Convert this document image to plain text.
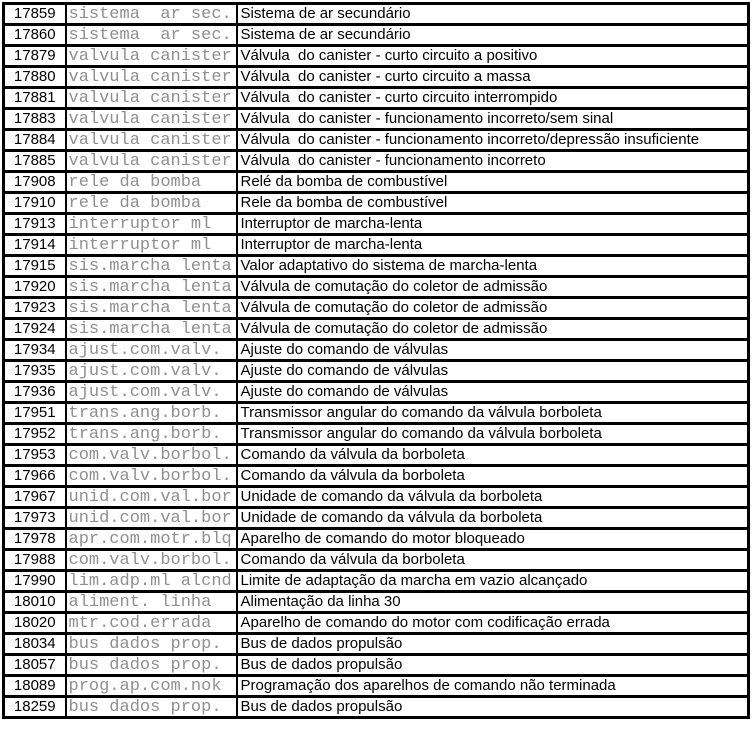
17859	sistema  ar sec.	Sistema de ar secundário
17860	sistema  ar sec.	Sistema de ar secundário
17879	valvula canister	Válvula  do canister - curto circuito a positivo
17880	valvula canister	Válvula  do canister - curto circuito a massa
17881	valvula canister	Válvula  do canister - curto circuito interrompido
17883	valvula canister	Válvula  do canister - funcionamento incorreto/sem sinal
17884	valvula canister	Válvula  do canister - funcionamento incorreto/depressão insuficiente
17885	valvula canister	Válvula  do canister - funcionamento incorreto
17908	rele da bomba	Relé da bomba de combustível
17910	rele da bomba	Rele da bomba de combustível
17913	interruptor ml	Interruptor de marcha-lenta
17914	interruptor ml	Interruptor de marcha-lenta
17915	sis.marcha lenta	Valor adaptativo do sistema de marcha-lenta
17920	sis.marcha lenta	Válvula de comutação do coletor de admissão
17923	sis.marcha lenta	Válvula de comutação do coletor de admissão
17924	sis.marcha lenta	Válvula de comutação do coletor de admissão
17934	ajust.com.valv.	Ajuste do comando de válvulas
17935	ajust.com.valv.	Ajuste do comando de válvulas
17936	ajust.com.valv.	Ajuste do comando de válvulas
17951	trans.ang.borb.	Transmissor angular do comando da válvula borboleta
17952	trans.ang.borb.	Transmissor angular do comando da válvula borboleta
17953	com.valv.borbol.	Comando da válvula da borboleta
17966	com.valv.borbol.	Comando da válvula da borboleta
17967	unid.com.val.bor	Unidade de comando da válvula da borboleta
17973	unid.com.val.bor	Unidade de comando da válvula da borboleta
17978	apr.com.motr.blq	Aparelho de comando do motor bloqueado
17988	com.valv.borbol.	Comando da válvula da borboleta
17990	lim.adp.ml alcnd	Limite de adaptação da marcha em vazio alcançado
18010	aliment. linha	Alimentação da linha 30
18020	mtr.cod.errada	Aparelho de comando do motor com codificação errada
18034	bus dados prop.	Bus de dados propulsão
18057	bus dados prop.	Bus de dados propulsão
18089	prog.ap.com.nok	Programação dos aparelhos de comando não terminada
18259	bus dados prop.	Bus de dados propulsão
